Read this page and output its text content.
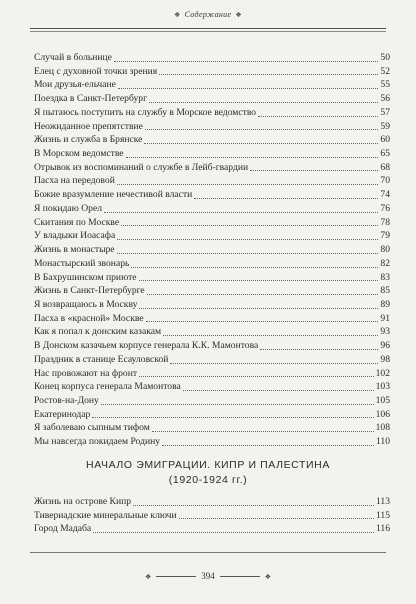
❖ Содержание ❖
Случай в больнице	50
Елец с духовной точки зрения	52
Мои друзья-ельчане	55
Поездка в Санкт-Петербург	56
Я пытаюсь поступить на службу в Морское ведомство	57
Неожиданное препятствие	59
Жизнь и служба в Брянске	60
В Морском ведомстве	65
Отрывок из воспоминаний о службе в Лейб-гвардии	68
Пасха на передовой	70
Божие вразумление нечестивой власти	74
Я покидаю Орел	76
Скитания по Москве	78
У владыки Иоасафа	79
Жизнь в монастыре	80
Монастырский звонарь	82
В Бахрушинском приюте	83
Жизнь в Санкт-Петербурге	85
Я возвращаюсь в Москву	89
Пасха в «красной» Москве	91
Как я попал к донским казакам	93
В Донском казачьем корпусе генерала К.К. Мамонтова	96
Праздник в станице Есауловской	98
Нас провожают на фронт	102
Конец корпуса генерала Мамонтова	103
Ростов-на-Дону	105
Екатеринодар	106
Я заболеваю сыпным тифом	108
Мы навсегда покидаем Родину	110
НАЧАЛО ЭМИГРАЦИИ. КИПР И ПАЛЕСТИНА
(1920-1924 гг.)
Жизнь на острове Кипр	113
Тивериадские минеральные ключи	115
Город Мадаба	116
❖	394	❖
